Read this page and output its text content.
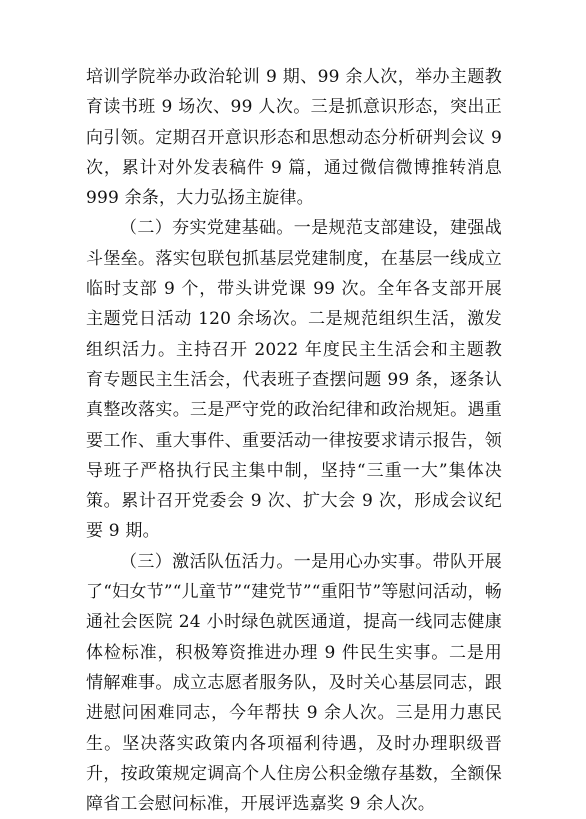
培训学院举办政治轮训 9 期、99 余人次，举办主题教育读书班 9 场次、99 人次。三是抓意识形态，突出正向引领。定期召开意识形态和思想动态分析研判会议 9 次，累计对外发表稿件 9 篇，通过微信微博推转消息 999 余条，大力弘扬主旋律。

（二）夯实党建基础。一是规范支部建设，建强战斗堡垒。落实包联包抓基层党建制度，在基层一线成立临时支部 9 个，带头讲党课 99 次。全年各支部开展主题党日活动 120 余场次。二是规范组织生活，激发组织活力。主持召开 2022 年度民主生活会和主题教育专题民主生活会，代表班子查摆问题 99 条，逐条认真整改落实。三是严守党的政治纪律和政治规矩。遇重要工作、重大事件、重要活动一律按要求请示报告，领导班子严格执行民主集中制，坚持“三重一大”集体决策。累计召开党委会 9 次、扩大会 9 次，形成会议纪要 9 期。

（三）激活队伍活力。一是用心办实事。带队开展了“妇女节”“儿童节”“建党节”“重阳节”等慰问活动，畅通社会医院 24 小时绿色就医通道，提高一线同志健康体检标准，积极筹资推进办理 9 件民生实事。二是用情解难事。成立志愿者服务队，及时关心基层同志，跟进慰问困难同志，今年帮扶 9 余人次。三是用力惠民生。坚决落实政策内各项福利待遇，及时办理职级晋升，按政策规定调高个人住房公积金缴存基数，全额保障省工会慰问标准，开展评选嘉奖 9 余人次。
